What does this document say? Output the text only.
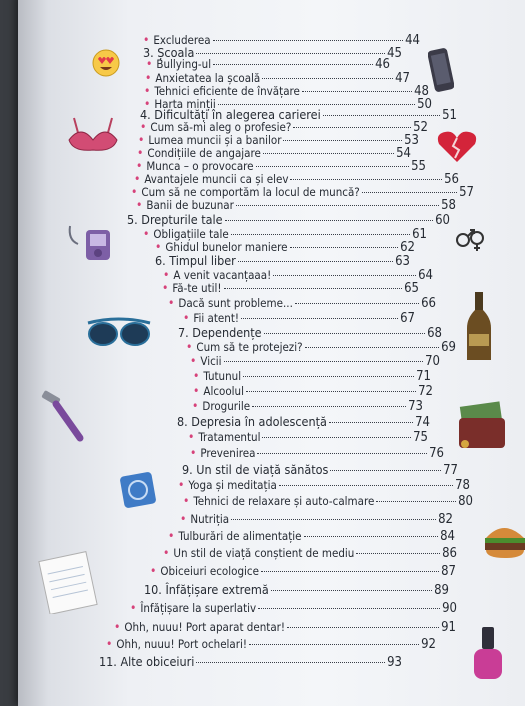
• Excluderea	44
3. Școala	45
• Bullying-ul	46
• Anxietatea la școală	47
• Tehnici eficiente de învățare	48
• Harta minții	50
4. Dificultăți în alegerea carierei	51
• Cum să-mi aleg o profesie?	52
• Lumea muncii și a banilor	53
• Condițiile de angajare	54
• Munca – o provocare	55
• Avantajele muncii ca și elev	56
• Cum să ne comportăm la locul de muncă?	57
• Banii de buzunar	58
5. Drepturile tale	60
• Obligațiile tale	61
• Ghidul bunelor maniere	62
6. Timpul liber	63
• A venit vacanțaaa!	64
• Fă-te util!	65
• Dacă sunt probleme...	66
• Fii atent!	67
7. Dependențe	68
• Cum să te protejezi?	69
• Vicii	70
• Tutunul	71
• Alcoolul	72
• Drogurile	73
8. Depresia în adolescență	74
• Tratamentul	75
• Prevenirea	76
9. Un stil de viață sănătos	77
• Yoga și meditația	78
• Tehnici de relaxare și auto-calmare	80
• Nutriția	82
• Tulburări de alimentație	84
• Un stil de viață conștient de mediu	86
• Obiceiuri ecologice	87
10. Înfățișare extremă	89
• Înfățișare la superlativ	90
• Ohh, nuuu! Port aparat dentar!	91
• Ohh, nuuu! Port ochelari!	92
11. Alte obiceiuri	93
